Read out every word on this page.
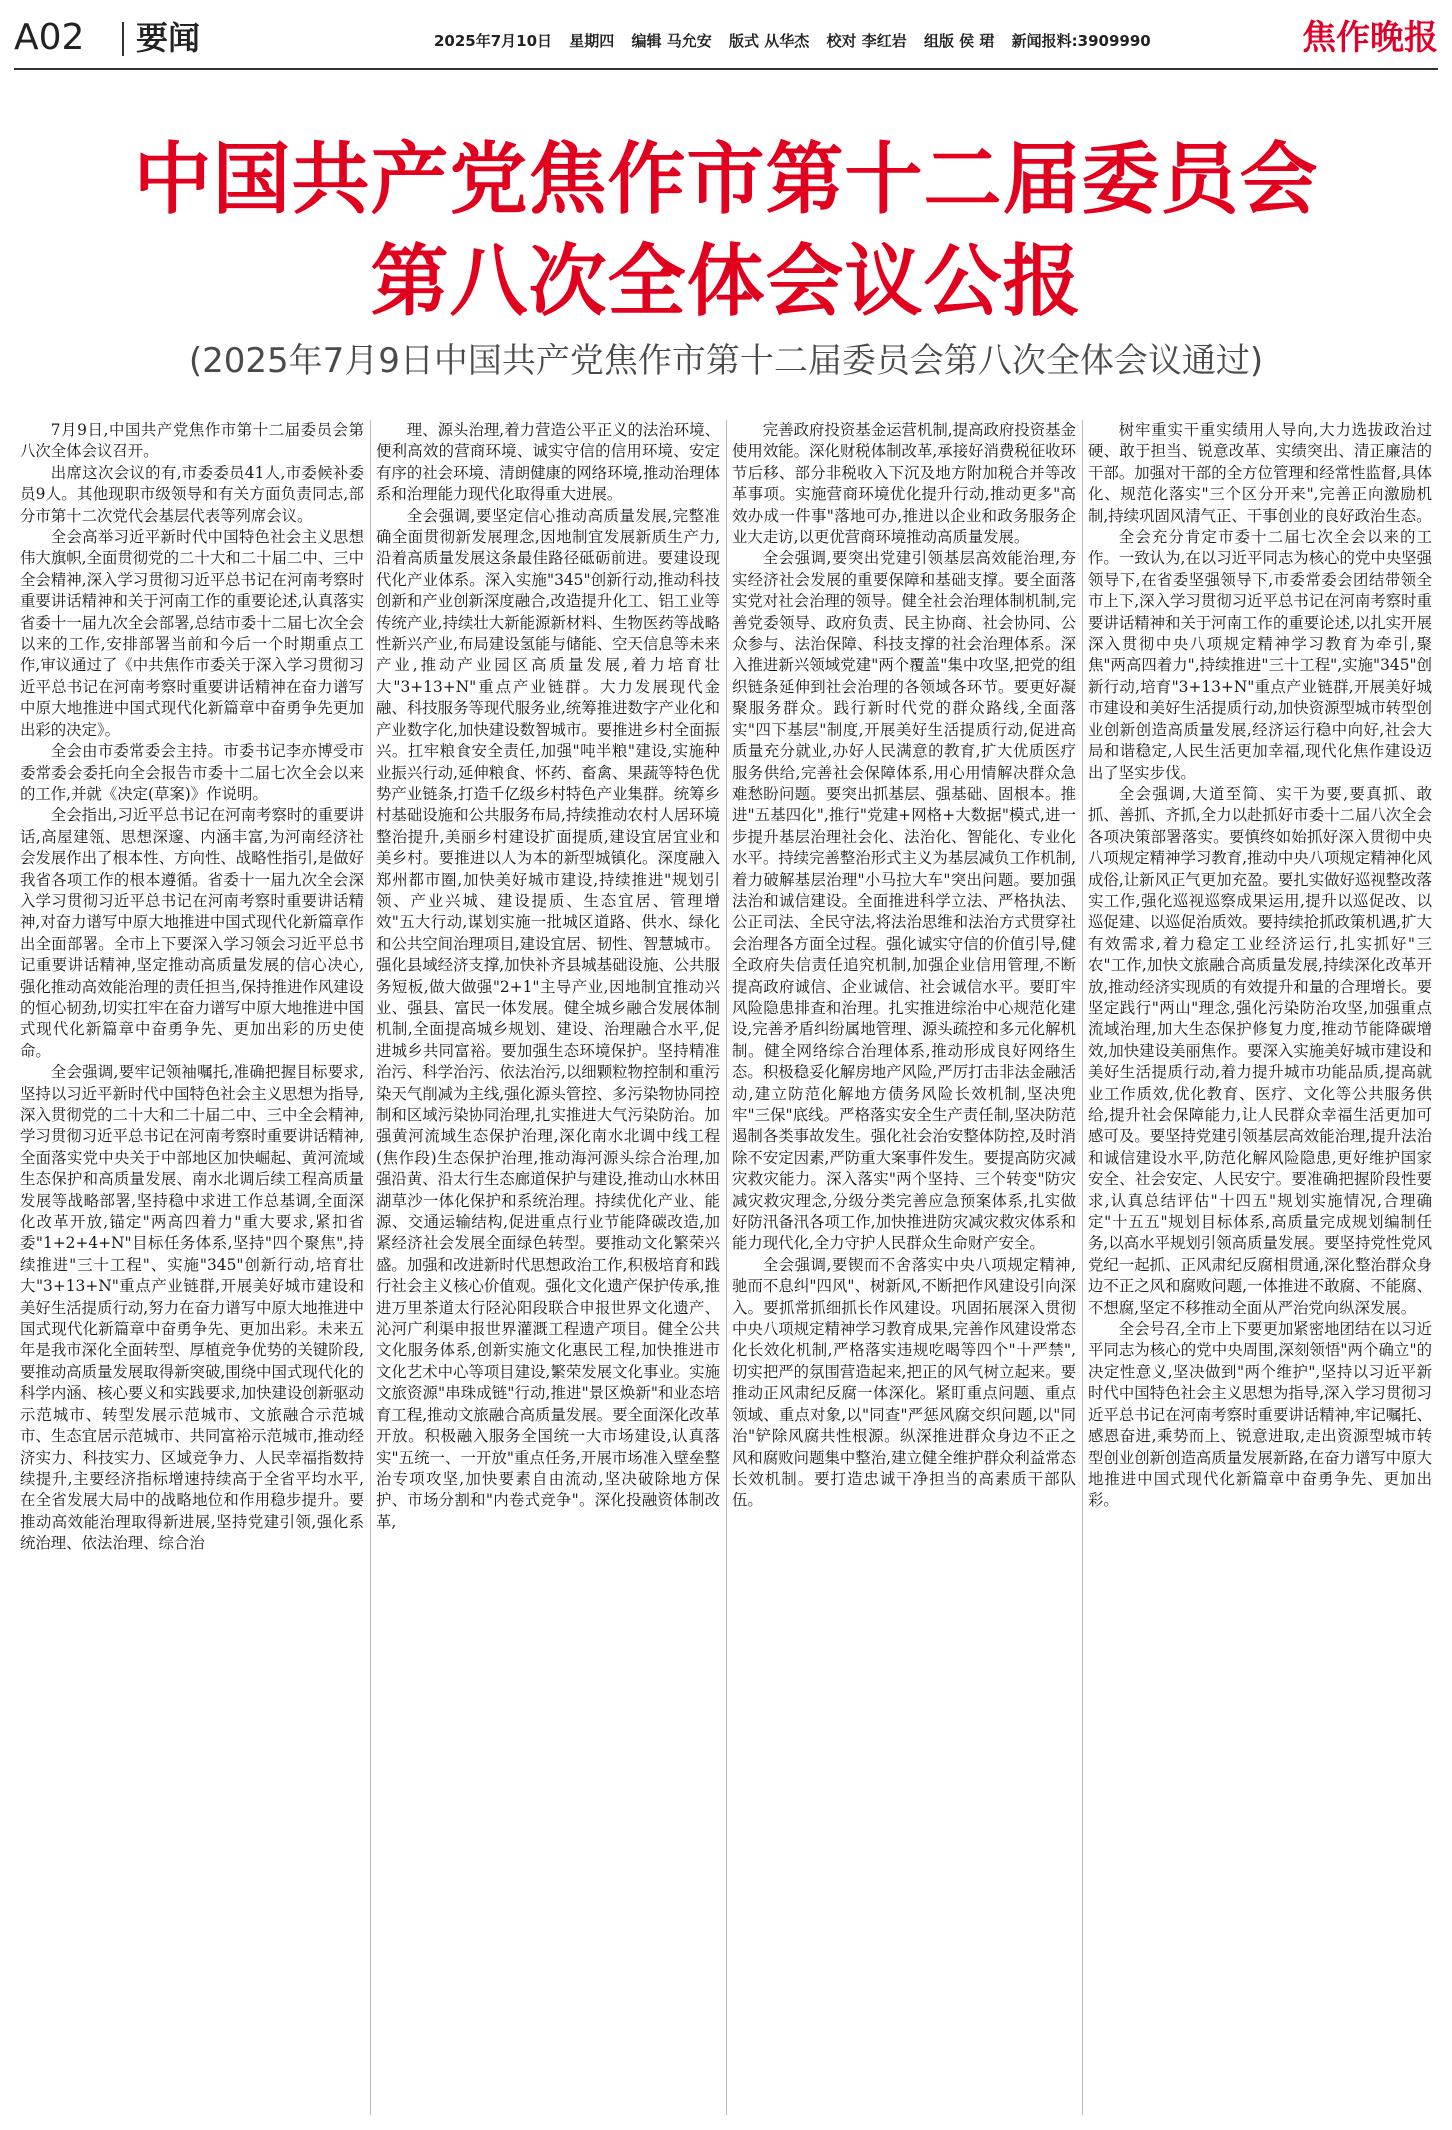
A02 要闻	2025年7月10日 星期四 编辑 马允安 版式 从华杰 校对 李红岩 组版 侯 珺 新闻报料:3909990	焦作晚报
中国共产党焦作市第十二届委员会
第八次全体会议公报
(2025年7月9日中国共产党焦作市第十二届委员会第八次全体会议通过)

7月9日,中国共产党焦作市第十二届委员会第八次全体会议召开。

出席这次会议的有,市委委员41人,市委候补委员9人。其他现职市级领导和有关方面负责同志,部分市第十二次党代会基层代表等列席会议。

全会高举习近平新时代中国特色社会主义思想伟大旗帜,全面贯彻党的二十大和二十届二中、三中全会精神,深入学习贯彻习近平总书记在河南考察时重要讲话精神和关于河南工作的重要论述,认真落实省委十一届九次全会部署,总结市委十二届七次全会以来的工作,安排部署当前和今后一个时期重点工作,审议通过了《中共焦作市委关于深入学习贯彻习近平总书记在河南考察时重要讲话精神在奋力谱写中原大地推进中国式现代化新篇章中奋勇争先更加出彩的决定》。

全会由市委常委会主持。市委书记李亦博受市委常委会委托向全会报告市委十二届七次全会以来的工作,并就《决定(草案)》作说明。

全会指出,习近平总书记在河南考察时的重要讲话,高屋建瓴、思想深邃、内涵丰富,为河南经济社会发展作出了根本性、方向性、战略性指引,是做好我省各项工作的根本遵循。省委十一届九次全会深入学习贯彻习近平总书记在河南考察时重要讲话精神,对奋力谱写中原大地推进中国式现代化新篇章作出全面部署。全市上下要深入学习领会习近平总书记重要讲话精神,坚定推动高质量发展的信心决心,强化推动高效能治理的责任担当,保持推进作风建设的恒心韧劲,切实扛牢在奋力谱写中原大地推进中国式现代化新篇章中奋勇争先、更加出彩的历史使命。

全会强调,要牢记领袖嘱托,准确把握目标要求,坚持以习近平新时代中国特色社会主义思想为指导,深入贯彻党的二十大和二十届二中、三中全会精神,学习贯彻习近平总书记在河南考察时重要讲话精神,全面落实党中央关于中部地区加快崛起、黄河流域生态保护和高质量发展、南水北调后续工程高质量发展等战略部署,坚持稳中求进工作总基调,全面深化改革开放,锚定"两高四着力"重大要求,紧扣省委"1+2+4+N"目标任务体系,坚持"四个聚焦",持续推进"三十工程"、实施"345"创新行动,培育壮大"3+13+N"重点产业链群,开展美好城市建设和美好生活提质行动,努力在奋力谱写中原大地推进中国式现代化新篇章中奋勇争先、更加出彩。未来五年是我市深化全面转型、厚植竞争优势的关键阶段,要推动高质量发展取得新突破,围绕中国式现代化的科学内涵、核心要义和实践要求,加快建设创新驱动示范城市、转型发展示范城市、文旅融合示范城市、生态宜居示范城市、共同富裕示范城市,推动经济实力、科技实力、区域竞争力、人民幸福指数持续提升,主要经济指标增速持续高于全省平均水平,在全省发展大局中的战略地位和作用稳步提升。要推动高效能治理取得新进展,坚持党建引领,强化系统治理、依法治理、综合治

理、源头治理,着力营造公平正义的法治环境、便利高效的营商环境、诚实守信的信用环境、安定有序的社会环境、清朗健康的网络环境,推动治理体系和治理能力现代化取得重大进展。

全会强调,要坚定信心推动高质量发展,完整准确全面贯彻新发展理念,因地制宜发展新质生产力,沿着高质量发展这条最佳路径砥砺前进。要建设现代化产业体系。深入实施"345"创新行动,推动科技创新和产业创新深度融合,改造提升化工、铝工业等传统产业,持续壮大新能源新材料、生物医药等战略性新兴产业,布局建设氢能与储能、空天信息等未来产业,推动产业园区高质量发展,着力培育壮大"3+13+N"重点产业链群。大力发展现代金融、科技服务等现代服务业,统筹推进数字产业化和产业数字化,加快建设数智城市。要推进乡村全面振兴。扛牢粮食安全责任,加强"吨半粮"建设,实施种业振兴行动,延伸粮食、怀药、畜禽、果蔬等特色优势产业链条,打造千亿级乡村特色产业集群。统筹乡村基础设施和公共服务布局,持续推动农村人居环境整治提升,美丽乡村建设扩面提质,建设宜居宜业和美乡村。要推进以人为本的新型城镇化。深度融入郑州都市圈,加快美好城市建设,持续推进"规划引领、产业兴城、建设提质、生态宜居、管理增效"五大行动,谋划实施一批城区道路、供水、绿化和公共空间治理项目,建设宜居、韧性、智慧城市。强化县域经济支撑,加快补齐县城基础设施、公共服务短板,做大做强"2+1"主导产业,因地制宜推动兴业、强县、富民一体发展。健全城乡融合发展体制机制,全面提高城乡规划、建设、治理融合水平,促进城乡共同富裕。要加强生态环境保护。坚持精准治污、科学治污、依法治污,以细颗粒物控制和重污染天气削减为主线,强化源头管控、多污染物协同控制和区域污染协同治理,扎实推进大气污染防治。加强黄河流域生态保护治理,深化南水北调中线工程(焦作段)生态保护治理,推动海河源头综合治理,加强沿黄、沿太行生态廊道保护与建设,推动山水林田湖草沙一体化保护和系统治理。持续优化产业、能源、交通运输结构,促进重点行业节能降碳改造,加紧经济社会发展全面绿色转型。要推动文化繁荣兴盛。加强和改进新时代思想政治工作,积极培育和践行社会主义核心价值观。强化文化遗产保护传承,推进万里茶道太行陉沁阳段联合申报世界文化遗产、沁河广利渠申报世界灌溉工程遗产项目。健全公共文化服务体系,创新实施文化惠民工程,加快推进市文化艺术中心等项目建设,繁荣发展文化事业。实施文旅资源"串珠成链"行动,推进"景区焕新"和业态培育工程,推动文旅融合高质量发展。要全面深化改革开放。积极融入服务全国统一大市场建设,认真落实"五统一、一开放"重点任务,开展市场准入壁垒整治专项攻坚,加快要素自由流动,坚决破除地方保护、市场分割和"内卷式竞争"。深化投融资体制改革,

完善政府投资基金运营机制,提高政府投资基金使用效能。深化财税体制改革,承接好消费税征收环节后移、部分非税收入下沉及地方附加税合并等改革事项。实施营商环境优化提升行动,推动更多"高效办成一件事"落地可办,推进以企业和政务服务企业大走访,以更优营商环境推动高质量发展。

全会强调,要突出党建引领基层高效能治理,夯实经济社会发展的重要保障和基础支撑。要全面落实党对社会治理的领导。健全社会治理体制机制,完善党委领导、政府负责、民主协商、社会协同、公众参与、法治保障、科技支撑的社会治理体系。深入推进新兴领域党建"两个覆盖"集中攻坚,把党的组织链条延伸到社会治理的各领域各环节。要更好凝聚服务群众。践行新时代党的群众路线,全面落实"四下基层"制度,开展美好生活提质行动,促进高质量充分就业,办好人民满意的教育,扩大优质医疗服务供给,完善社会保障体系,用心用情解决群众急难愁盼问题。要突出抓基层、强基础、固根本。推进"五基四化",推行"党建+网格+大数据"模式,进一步提升基层治理社会化、法治化、智能化、专业化水平。持续完善整治形式主义为基层减负工作机制,着力破解基层治理"小马拉大车"突出问题。要加强法治和诚信建设。全面推进科学立法、严格执法、公正司法、全民守法,将法治思维和法治方式贯穿社会治理各方面全过程。强化诚实守信的价值引导,健全政府失信责任追究机制,加强企业信用管理,不断提高政府诚信、企业诚信、社会诚信水平。要盯牢风险隐患排查和治理。扎实推进综治中心规范化建设,完善矛盾纠纷属地管理、源头疏控和多元化解机制。健全网络综合治理体系,推动形成良好网络生态。积极稳妥化解房地产风险,严厉打击非法金融活动,建立防范化解地方债务风险长效机制,坚决兜牢"三保"底线。严格落实安全生产责任制,坚决防范遏制各类事故发生。强化社会治安整体防控,及时消除不安定因素,严防重大案事件发生。要提高防灾减灾救灾能力。深入落实"两个坚持、三个转变"防灾减灾救灾理念,分级分类完善应急预案体系,扎实做好防汛备汛各项工作,加快推进防灾减灾救灾体系和能力现代化,全力守护人民群众生命财产安全。

全会强调,要锲而不舍落实中央八项规定精神,驰而不息纠"四风"、树新风,不断把作风建设引向深入。要抓常抓细抓长作风建设。巩固拓展深入贯彻中央八项规定精神学习教育成果,完善作风建设常态化长效化机制,严格落实违规吃喝等四个"十严禁",切实把严的氛围营造起来,把正的风气树立起来。要推动正风肃纪反腐一体深化。紧盯重点问题、重点领域、重点对象,以"同查"严惩风腐交织问题,以"同治"铲除风腐共性根源。纵深推进群众身边不正之风和腐败问题集中整治,建立健全维护群众利益常态长效机制。要打造忠诚干净担当的高素质干部队伍。

树牢重实干重实绩用人导向,大力选拔政治过硬、敢于担当、锐意改革、实绩突出、清正廉洁的干部。加强对干部的全方位管理和经常性监督,具体化、规范化落实"三个区分开来",完善正向激励机制,持续巩固风清气正、干事创业的良好政治生态。

全会充分肯定市委十二届七次全会以来的工作。一致认为,在以习近平同志为核心的党中央坚强领导下,在省委坚强领导下,市委常委会团结带领全市上下,深入学习贯彻习近平总书记在河南考察时重要讲话精神和关于河南工作的重要论述,以扎实开展深入贯彻中央八项规定精神学习教育为牵引,聚焦"两高四着力",持续推进"三十工程",实施"345"创新行动,培育"3+13+N"重点产业链群,开展美好城市建设和美好生活提质行动,加快资源型城市转型创业创新创造高质量发展,经济运行稳中向好,社会大局和谐稳定,人民生活更加幸福,现代化焦作建设迈出了坚实步伐。

全会强调,大道至简、实干为要,要真抓、敢抓、善抓、齐抓,全力以赴抓好市委十二届八次全会各项决策部署落实。要慎终如始抓好深入贯彻中央八项规定精神学习教育,推动中央八项规定精神化风成俗,让新风正气更加充盈。要扎实做好巡视整改落实工作,强化巡视巡察成果运用,提升以巡促改、以巡促建、以巡促治质效。要持续抢抓政策机遇,扩大有效需求,着力稳定工业经济运行,扎实抓好"三农"工作,加快文旅融合高质量发展,持续深化改革开放,推动经济实现质的有效提升和量的合理增长。要坚定践行"两山"理念,强化污染防治攻坚,加强重点流域治理,加大生态保护修复力度,推动节能降碳增效,加快建设美丽焦作。要深入实施美好城市建设和美好生活提质行动,着力提升城市功能品质,提高就业工作质效,优化教育、医疗、文化等公共服务供给,提升社会保障能力,让人民群众幸福生活更加可感可及。要坚持党建引领基层高效能治理,提升法治和诚信建设水平,防范化解风险隐患,更好维护国家安全、社会安定、人民安宁。要准确把握阶段性要求,认真总结评估"十四五"规划实施情况,合理确定"十五五"规划目标体系,高质量完成规划编制任务,以高水平规划引领高质量发展。要坚持党性党风党纪一起抓、正风肃纪反腐相贯通,深化整治群众身边不正之风和腐败问题,一体推进不敢腐、不能腐、不想腐,坚定不移推动全面从严治党向纵深发展。

全会号召,全市上下要更加紧密地团结在以习近平同志为核心的党中央周围,深刻领悟"两个确立"的决定性意义,坚决做到"两个维护",坚持以习近平新时代中国特色社会主义思想为指导,深入学习贯彻习近平总书记在河南考察时重要讲话精神,牢记嘱托、感恩奋进,乘势而上、锐意进取,走出资源型城市转型创业创新创造高质量发展新路,在奋力谱写中原大地推进中国式现代化新篇章中奋勇争先、更加出彩。
